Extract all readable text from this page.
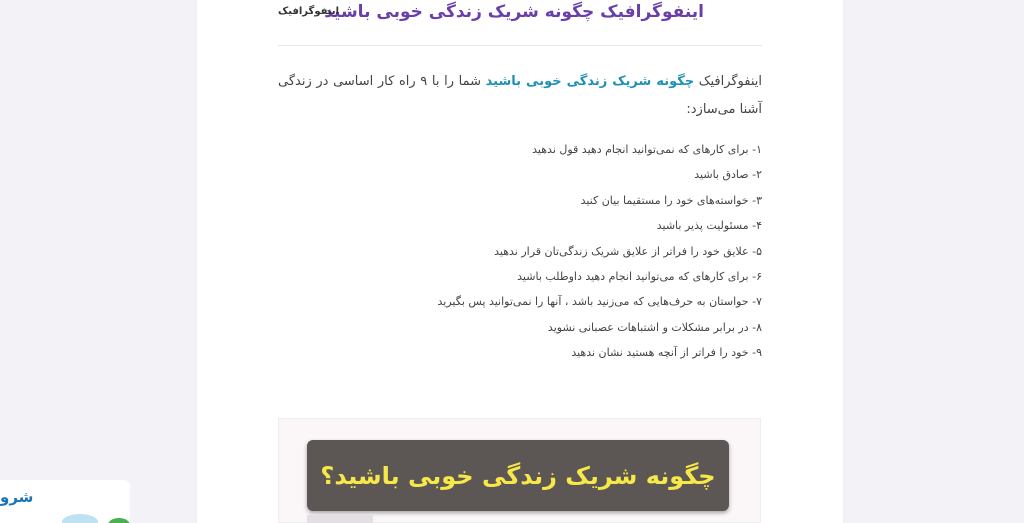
اینفوگرافیک چگونه شریک زندگی خوبی باشید
اینفوگرافیک

اینفوگرافیک چگونه شریک زندگی خوبی باشید شما را با ۹ راه کار اساسی در زندگی آشنا می‌سازد:

۱- برای کارهای که نمی‌توانید انجام دهید قول ندهید
۲- صادق باشید
۳- خواسته‌های خود را مستقیما بیان کنید
۴- مسئولیت پذیر باشید
۵- علایق خود را فراتر از علایق شریک زندگی‌تان قرار ندهید
۶- برای کارهای که می‌توانید انجام دهید داوطلب باشید
۷- حواستان به حرف‌هایی که می‌زنید باشد ، آنها را نمی‌توانید پس بگیرید
۸- در برابر مشکلات و اشتباهات عصبانی نشوید
۹- خود را فراتر از آنچه هستید نشان ندهید
چگونه شریک زندگی خوبی باشید؟
شرو
